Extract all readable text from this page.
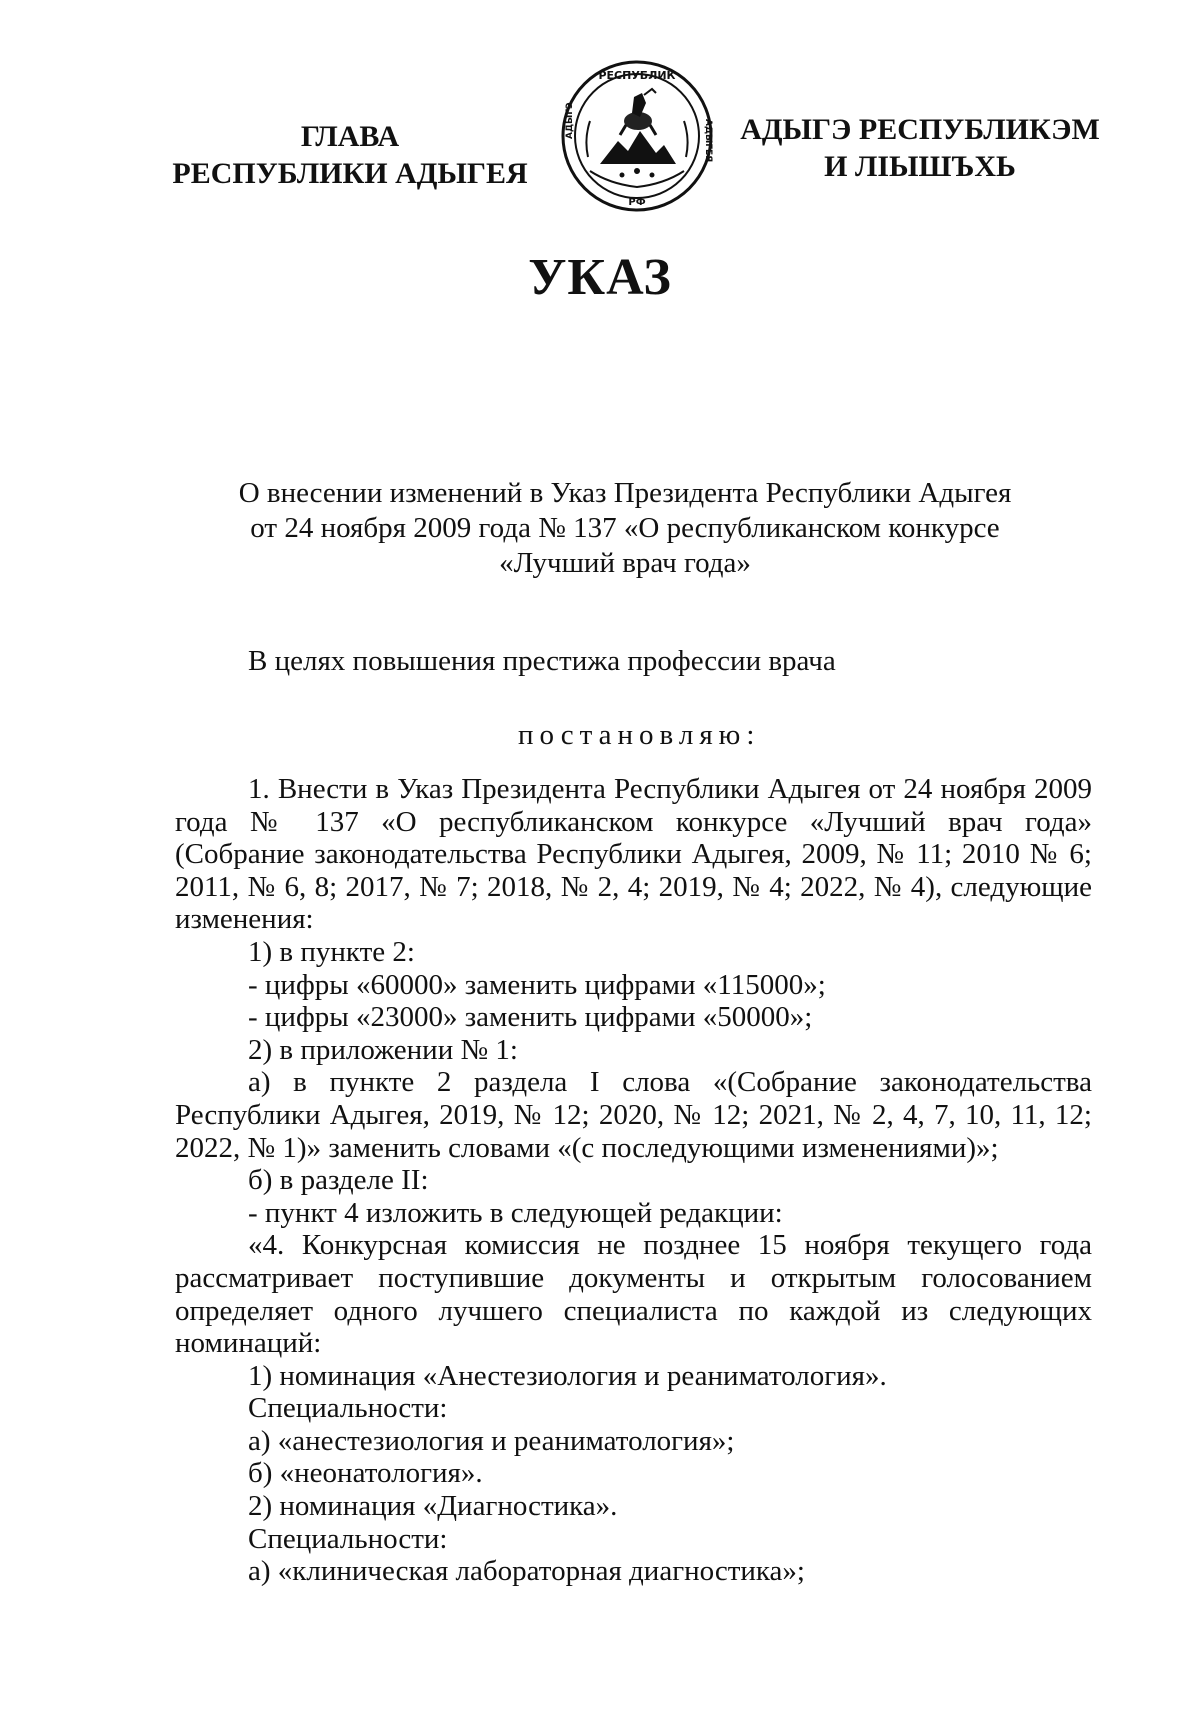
ГЛАВА
РЕСПУБЛИКИ АДЫГЕЯ
РЕСПУБЛИК
АДЫГЭ	АДЫГЕЯ
РФ
АДЫГЭ РЕСПУБЛИКЭМ
И ЛIЫШЪХЬ
УКАЗ
О внесении изменений в Указ Президента Республики Адыгея
от 24 ноября 2009 года № 137 «О республиканском конкурсе
«Лучший врач года»
В целях повышения престижа профессии врача
постановляю:

1. Внести в Указ Президента Республики Адыгея от 24 ноября 2009 года № 137 «О республиканском конкурсе «Лучший врач года» (Собрание законодательства Республики Адыгея, 2009, № 11; 2010 № 6; 2011, № 6, 8; 2017, № 7; 2018, № 2, 4; 2019, № 4; 2022, № 4), следующие изменения:

1) в пункте 2:

- цифры «60000» заменить цифрами «115000»;

- цифры «23000» заменить цифрами «50000»;

2) в приложении № 1:

а) в пункте 2 раздела I слова «(Собрание законодательства Республики Адыгея, 2019, № 12; 2020, № 12; 2021, № 2, 4, 7, 10, 11, 12; 2022, № 1)» заменить словами «(с последующими изменениями)»;

б) в разделе II:

- пункт 4 изложить в следующей редакции:

«4. Конкурсная комиссия не позднее 15 ноября текущего года рассматривает поступившие документы и открытым голосованием определяет одного лучшего специалиста по каждой из следующих номинаций:

1) номинация «Анестезиология и реаниматология».

Специальности:

а) «анестезиология и реаниматология»;

б) «неонатология».

2) номинация «Диагностика».

Специальности:

а) «клиническая лабораторная диагностика»;
